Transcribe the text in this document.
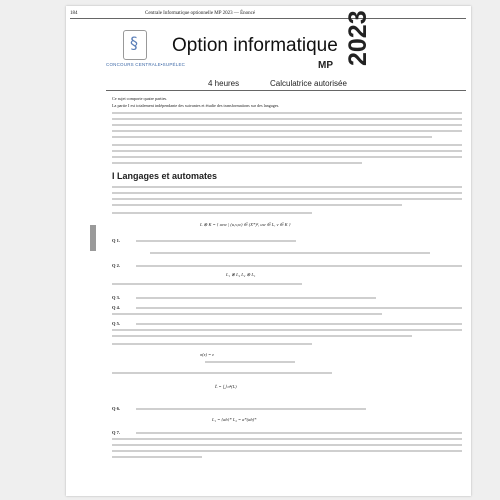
184	Centrale Informatique optionnelle MP 2023 — Énoncé
§
CONCOURS CENTRALE•SUPÉLEC
Option informatique
MP 2023
4 heures	Calculatrice autorisée
Ce sujet comporte quatre parties.
La partie I est totalement indépendante des suivantes et étudie des transformations sur des langages.
I Langages et automates
L ⊗ K = { uvw | (u,v,w) ∈ (X*)³, uw ∈ L, v ∈ K }
Q 1.
Q 2.
L₁ ⊗ L₂ L₂ ⊗ L₁
Q 3.
Q 4.
Q 5.
σ(ε) = ε
L̃ = ⋃ σⁿ(L)
Q 6.
L₁ = {ab}* L₂ = a*(ab)*
Q 7.
